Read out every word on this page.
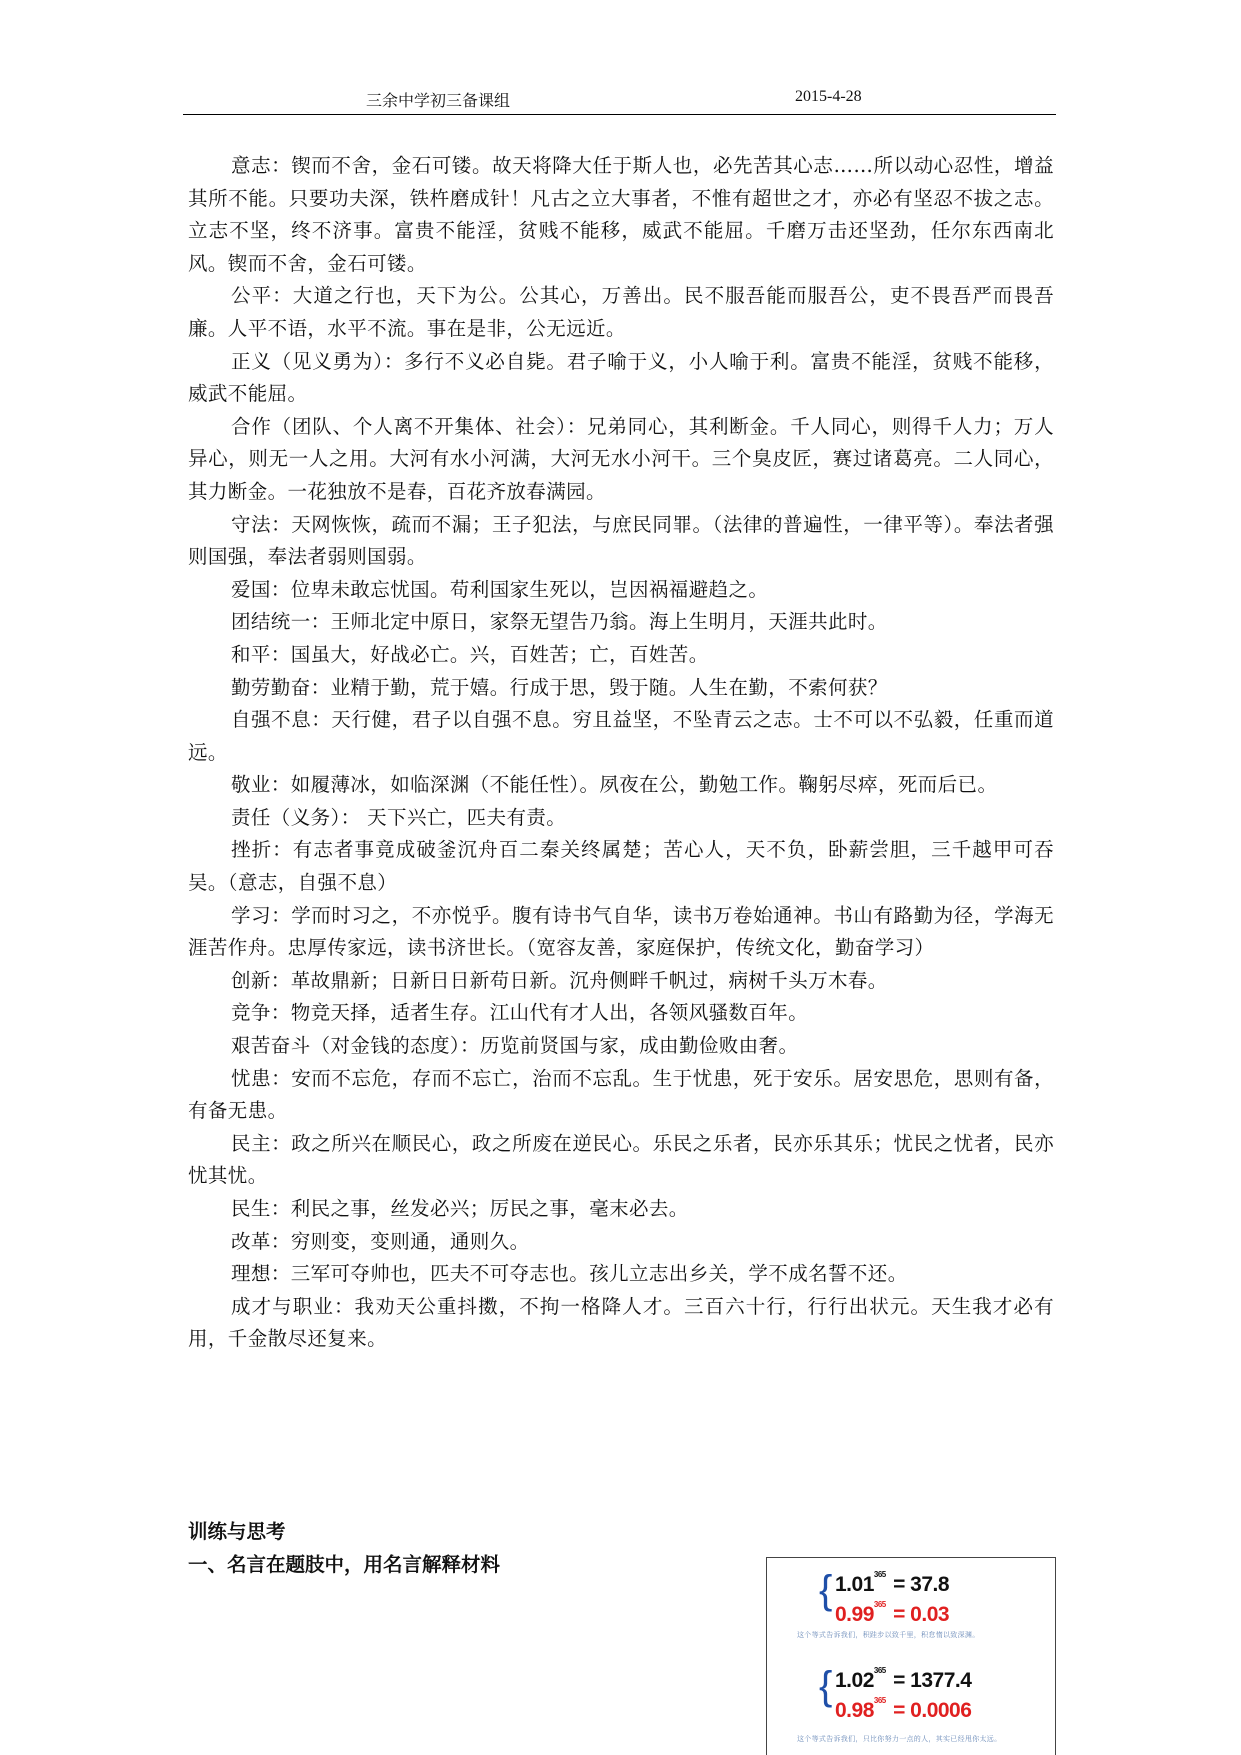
三余中学初三备课组	2015-4-28

意志：锲而不舍，金石可镂。故天将降大任于斯人也，必先苦其心志……所以动心忍性，增益其所不能。只要功夫深，铁杵磨成针！凡古之立大事者，不惟有超世之才，亦必有坚忍不拔之志。立志不坚，终不济事。富贵不能淫，贫贱不能移，威武不能屈。千磨万击还坚劲，任尔东西南北风。锲而不舍，金石可镂。

公平：大道之行也，天下为公。公其心，万善出。民不服吾能而服吾公，吏不畏吾严而畏吾廉。人平不语，水平不流。事在是非，公无远近。

正义（见义勇为）：多行不义必自毙。君子喻于义，小人喻于利。富贵不能淫，贫贱不能移，威武不能屈。

合作（团队、个人离不开集体、社会）：兄弟同心，其利断金。千人同心，则得千人力；万人异心，则无一人之用。大河有水小河满，大河无水小河干。三个臭皮匠，赛过诸葛亮。二人同心，其力断金。一花独放不是春，百花齐放春满园。

守法：天网恢恢，疏而不漏；王子犯法，与庶民同罪。（法律的普遍性，一律平等）。奉法者强则国强，奉法者弱则国弱。

爱国：位卑未敢忘忧国。苟利国家生死以，岂因祸福避趋之。

团结统一：王师北定中原日，家祭无望告乃翁。海上生明月，天涯共此时。

和平：国虽大，好战必亡。兴，百姓苦；亡，百姓苦。

勤劳勤奋：业精于勤，荒于嬉。行成于思，毁于随。人生在勤，不索何获？

自强不息：天行健，君子以自强不息。穷且益坚，不坠青云之志。士不可以不弘毅，任重而道远。

敬业：如履薄冰，如临深渊（不能任性）。夙夜在公，勤勉工作。鞠躬尽瘁，死而后已。

责任（义务）： 天下兴亡，匹夫有责。

挫折：有志者事竟成破釜沉舟百二秦关终属楚；苦心人，天不负，卧薪尝胆，三千越甲可吞吴。（意志，自强不息）

学习：学而时习之，不亦悦乎。腹有诗书气自华，读书万卷始通神。书山有路勤为径，学海无涯苦作舟。忠厚传家远，读书济世长。（宽容友善，家庭保护，传统文化，勤奋学习）

创新：革故鼎新；日新日日新苟日新。沉舟侧畔千帆过，病树千头万木春。

竞争：物竞天择，适者生存。江山代有才人出，各领风骚数百年。

艰苦奋斗（对金钱的态度）：历览前贤国与家，成由勤俭败由奢。

忧患：安而不忘危，存而不忘亡，治而不忘乱。生于忧患，死于安乐。居安思危，思则有备，有备无患。

民主：政之所兴在顺民心，政之所废在逆民心。乐民之乐者，民亦乐其乐；忧民之忧者，民亦忧其忧。

民生：利民之事，丝发必兴；厉民之事，毫末必去。

改革：穷则变，变则通，通则久。

理想：三军可夺帅也，匹夫不可夺志也。孩儿立志出乡关，学不成名誓不还。

成才与职业：我劝天公重抖擞，不拘一格降人才。三百六十行，行行出状元。天生我才必有用，千金散尽还复来。

训练与思考
一、名言在题肢中，用名言解释材料
{ $1.01^{365} = 37.8$
$0.99^{365} = 0.03$
这个等式告诉我们，积跬步以致千里，积怠惰以致深渊。
{ $1.02^{365} = 1377.4$
$0.98^{365} = 0.0006$
这个等式告诉我们，只比你努力一点的人，其实已经甩你太远。
